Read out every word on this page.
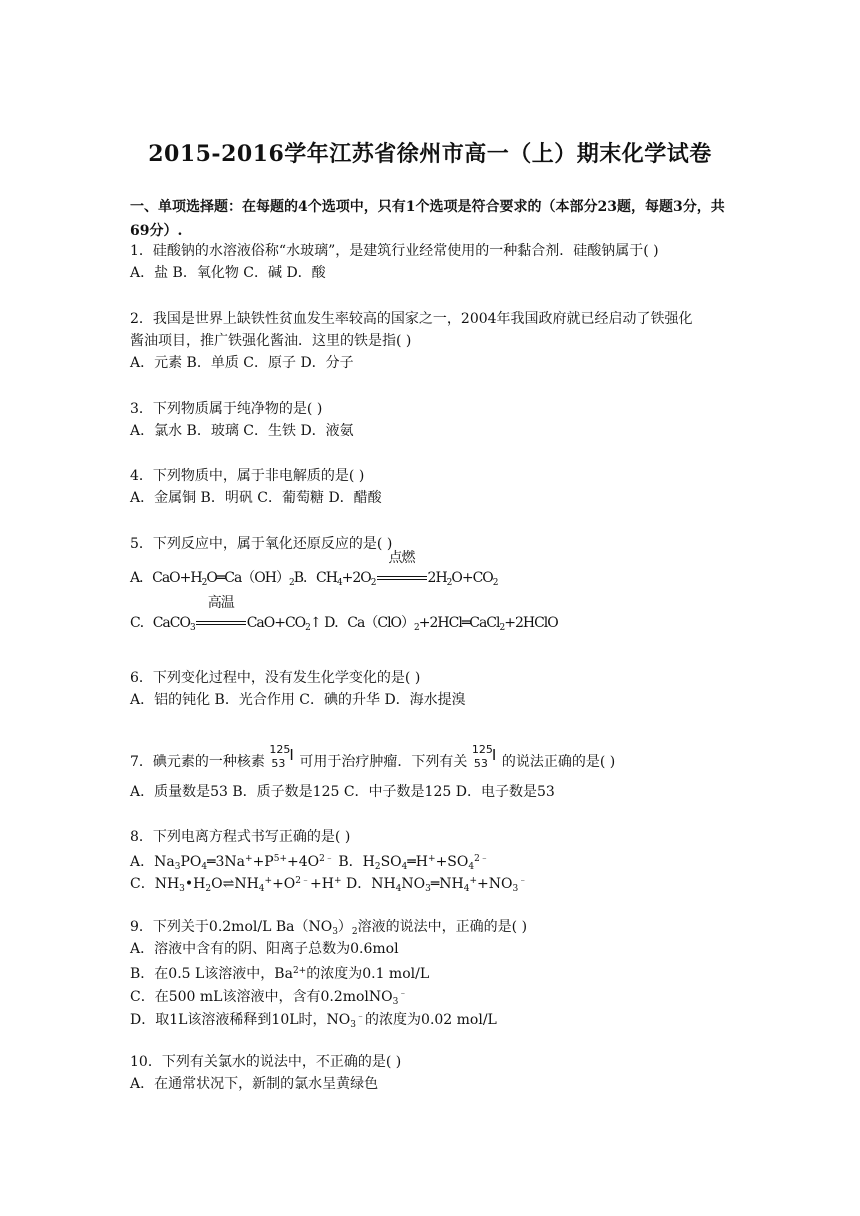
2015-2016学年江苏省徐州市高一（上）期末化学试卷
一、单项选择题：在每题的4个选项中，只有1个选项是符合要求的（本部分23题，每题3分，共69分）.
1．硅酸钠的水溶液俗称“水玻璃”，是建筑行业经常使用的一种黏合剂．硅酸钠属于( )
A．盐 B．氧化物 C．碱 D．酸
2．我国是世界上缺铁性贫血发生率较高的国家之一，2004年我国政府就已经启动了铁强化
酱油项目，推广铁强化酱油．这里的铁是指( )
A．元素 B．单质 C．原子 D．分子
3．下列物质属于纯净物的是( )
A．氯水 B．玻璃 C．生铁 D．液氨
4．下列物质中，属于非电解质的是( )
A．金属铜 B．明矾 C．葡萄糖 D．醋酸
5．下列反应中，属于氧化还原反应的是( )
A．$CaO+H_2O═Ca(OH)_2B$．$CH_4+2O_2$
点燃
$2H_2O+CO_2$
C．CaCO$_3$
高温
$CaO+CO_2↑$ D．$Ca(ClO)_2+2HCl═CaCl_2+2HClO$
6．下列变化过程中，没有发生化学变化的是( )
A．铝的钝化 B．光合作用 C．碘的升华 D．海水提溴
7．碘元素的一种核素
125
53 I 可用于治疗肿瘤．下列有关
125
53 I 的说法正确的是( )
A．质量数是53 B．质子数是125 C．中子数是125 D．电子数是53
8．下列电离方程式书写正确的是( )
A．$Na_3PO_4═3Na^++P^{5+}+4O^{2﹣}$ B．$H_2SO_4═H^++SO_4^{2﹣}$
C．$NH_3•H_2O\rightleftharpoons NH_4^++O^{2﹣}+H^+$ D．$NH_4NO_3═NH_4^++NO_3^﹣$
9．下列关于0.2mol/L $Ba(NO_3)_2$溶液的说法中，正确的是( )
A．溶液中含有的阴、阳离子总数为0.6mol
B．在0.5 L该溶液中，$Ba^{2+}$的浓度为0.1 mol/L
C．在500 mL该溶液中，含有0.2molNO$_3$﹣
D．取1L该溶液稀释到10L时，$NO_3^﹣$的浓度为0.02 mol/L
10．下列有关氯水的说法中，不正确的是( )
A．在通常状况下，新制的氯水呈黄绿色
